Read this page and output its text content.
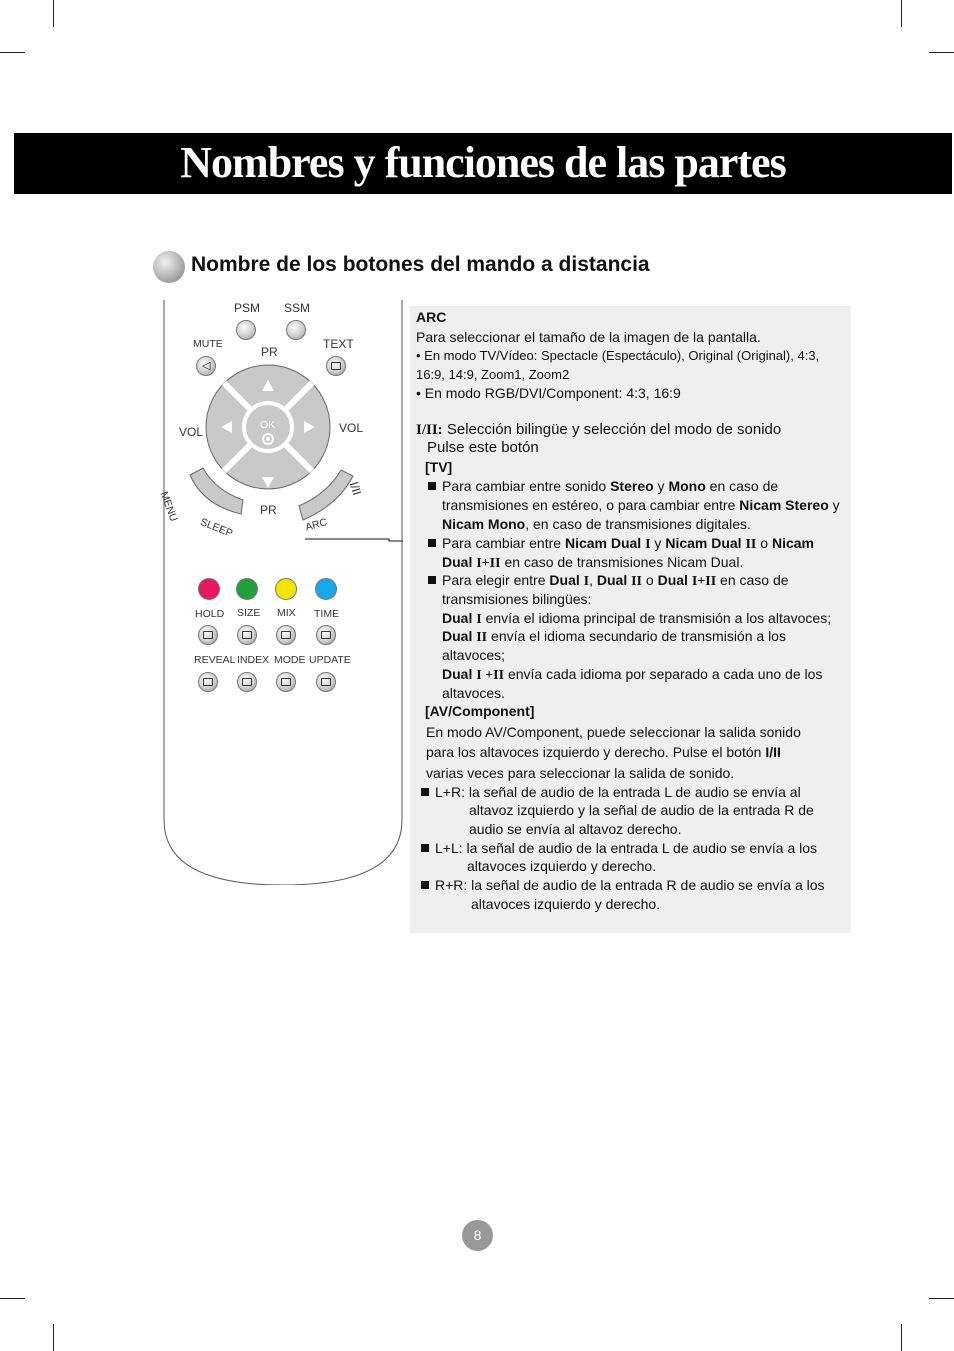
Nombres y funciones de las partes
Nombre de los botones del mando a distancia
PSM SSM
MUTE
PR
TEXT
◁
VOL	VOL
OK
MENU
SLEEP
PR
ARC
I/II
HOLD SIZE MIX TIME
REVEAL INDEX MODE UPDATE
ARC
Para seleccionar el tamaño de la imagen de la pantalla.
• En modo TV/Vídeo: Spectacle (Espectáculo), Original (Original), 4:3,
16:9, 14:9, Zoom1, Zoom2
• En modo RGB/DVI/Component: 4:3, 16:9
I/II: Selección bilingüe y selección del modo de sonido
Pulse este botón
[TV]
Para cambiar entre sonido Stereo y Mono en caso de
transmisiones en estéreo, o para cambiar entre Nicam Stereo y
Nicam Mono, en caso de transmisiones digitales.
Para cambiar entre Nicam Dual I y Nicam Dual II o Nicam
Dual I+II en caso de transmisiones Nicam Dual.
Para elegir entre Dual I, Dual II o Dual I+II en caso de
transmisiones bilingües:
Dual I envía el idioma principal de transmisión a los altavoces;
Dual II envía el idioma secundario de transmisión a los
altavoces;
Dual I +II envía cada idioma por separado a cada uno de los
altavoces.
[AV/Component]
En modo AV/Component, puede seleccionar la salida sonido
para los altavoces izquierdo y derecho. Pulse el botón I/II
varias veces para seleccionar la salida de sonido.
L+R: la señal de audio de la entrada L de audio se envía al
altavoz izquierdo y la señal de audio de la entrada R de
audio se envía al altavoz derecho.
L+L: la señal de audio de la entrada L de audio se envía a los
altavoces izquierdo y derecho.
R+R: la señal de audio de la entrada R de audio se envía a los
altavoces izquierdo y derecho.
8
